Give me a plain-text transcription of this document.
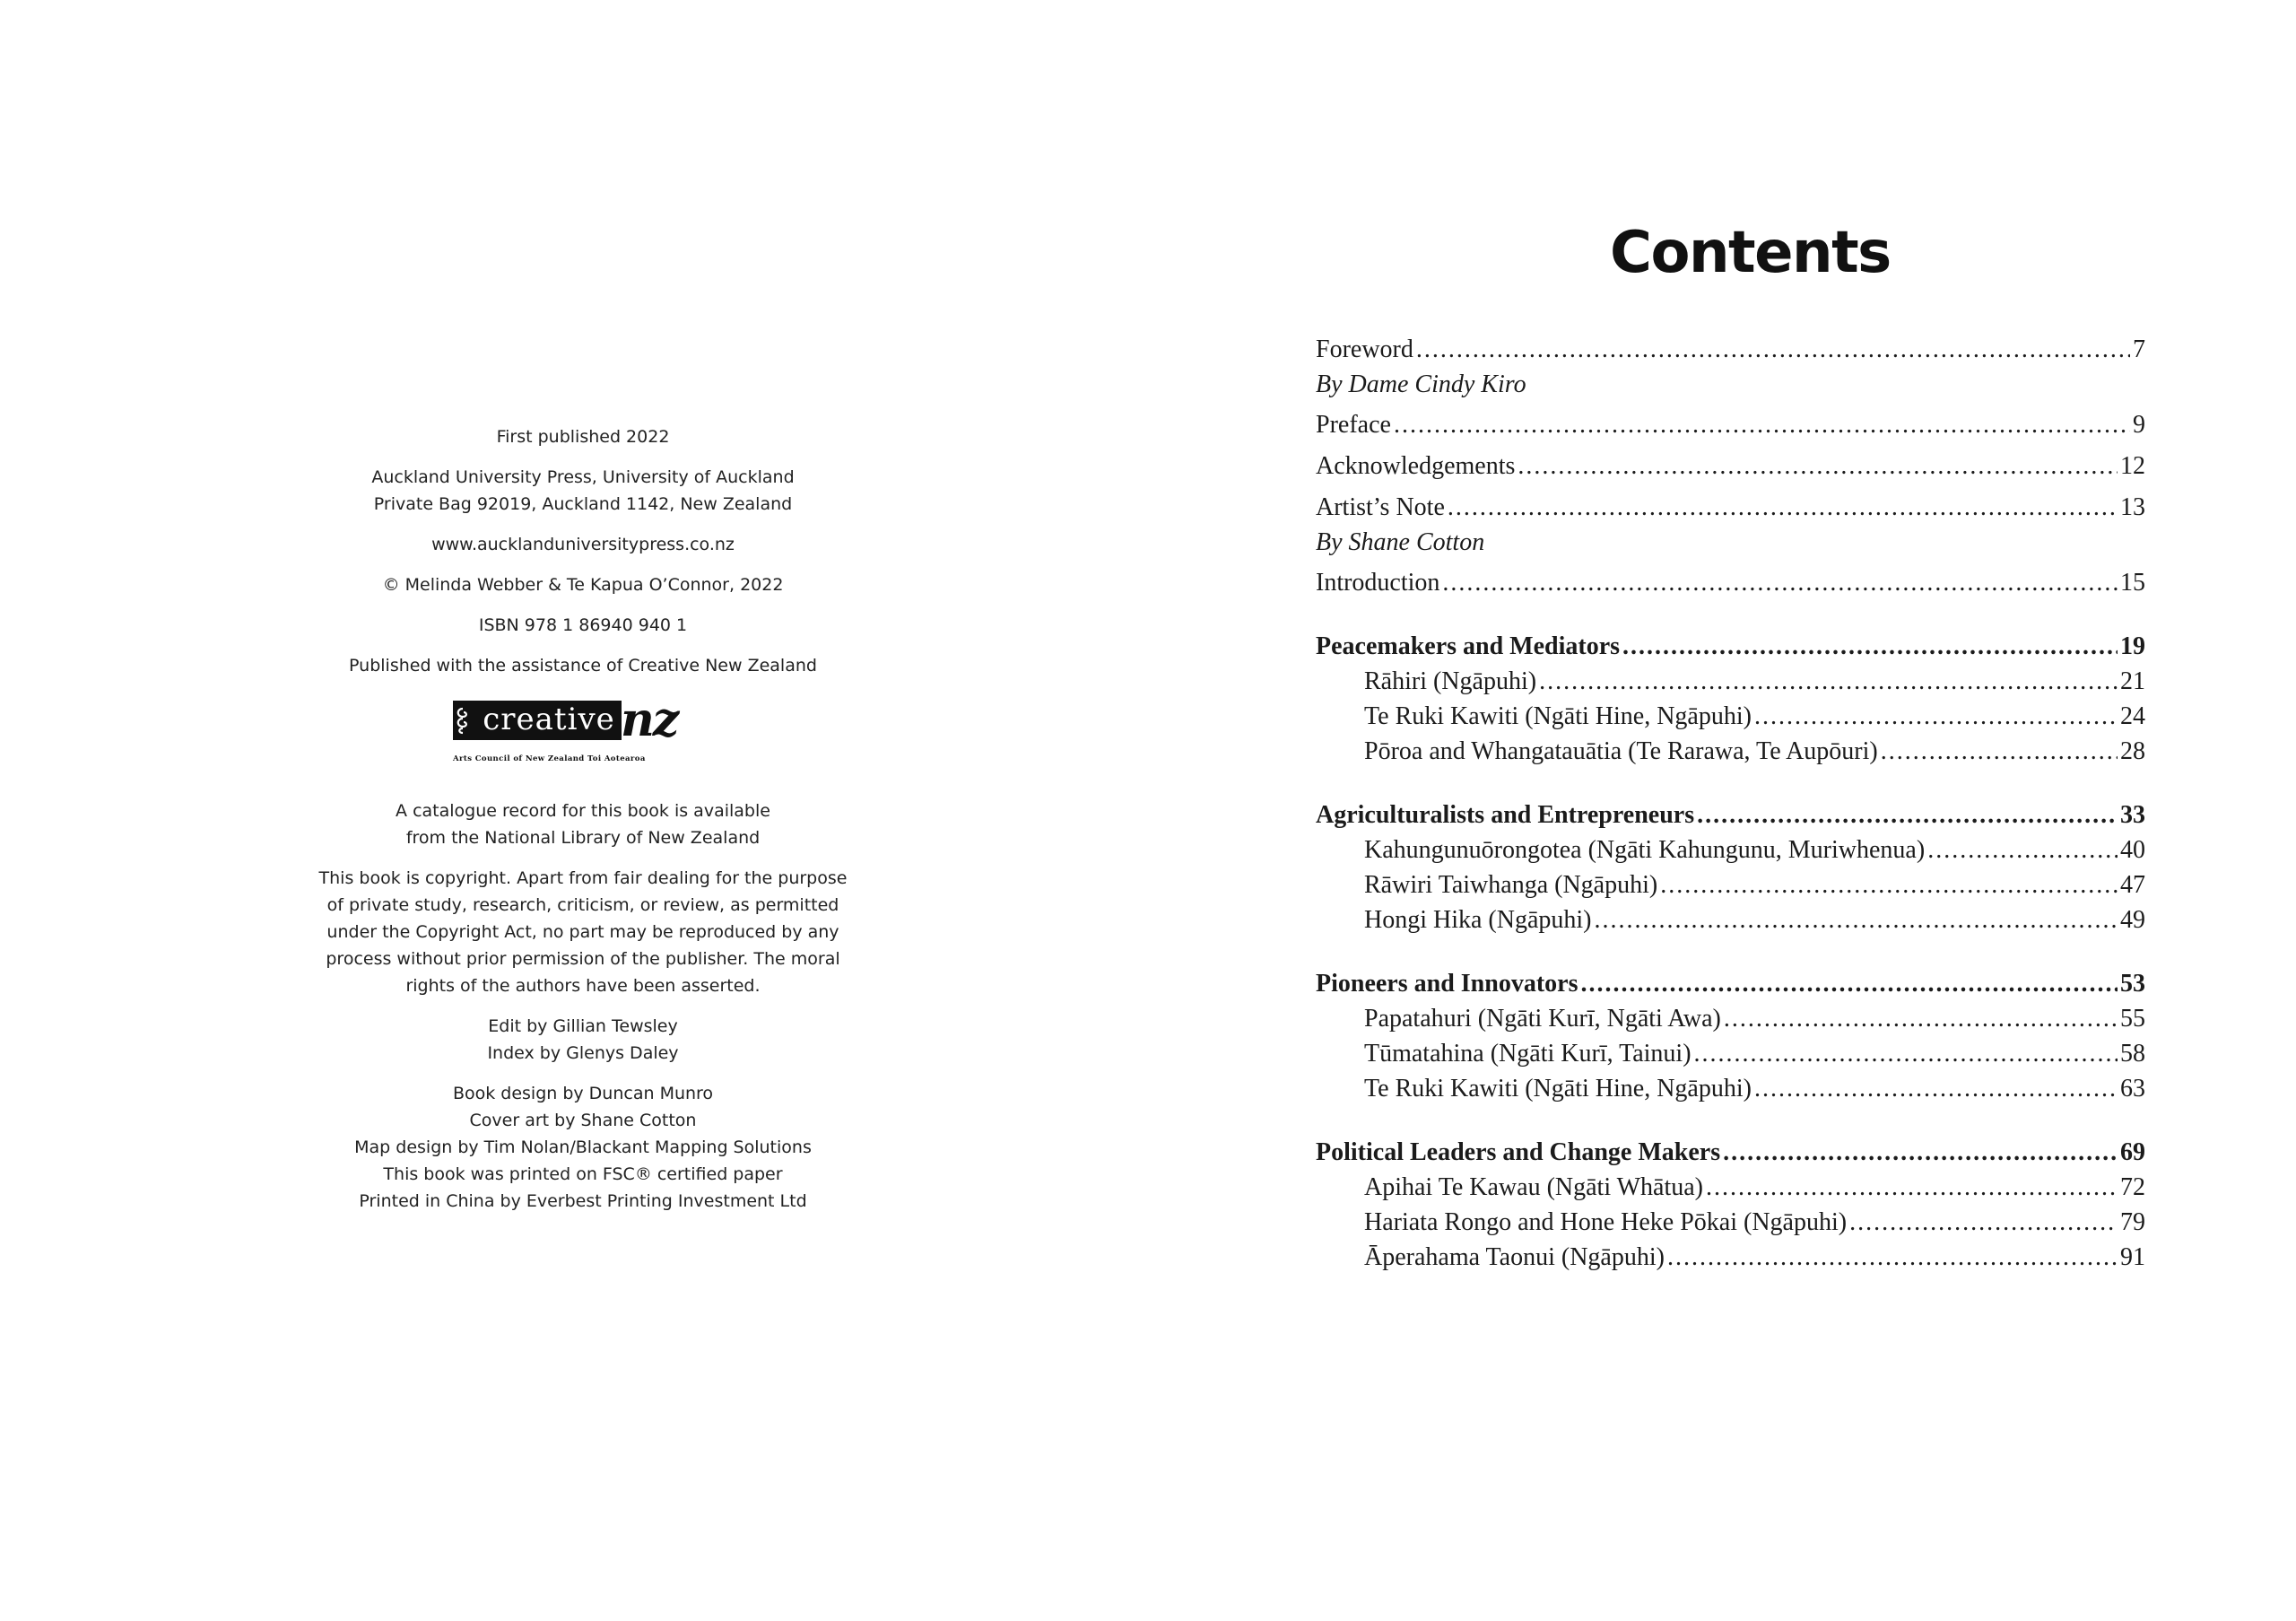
First published 2022
Auckland University Press, University of Auckland
Private Bag 92019, Auckland 1142, New Zealand
www.aucklanduniversitypress.co.nz
© Melinda Webber & Te Kapua O’Connor, 2022
ISBN 978 1 86940 940 1
Published with the assistance of Creative New Zealand
creative nz
Arts Council of New Zealand Toi Aotearoa
A catalogue record for this book is available
from the National Library of New Zealand
This book is copyright. Apart from fair dealing for the purpose
of private study, research, criticism, or review, as permitted
under the Copyright Act, no part may be reproduced by any
process without prior permission of the publisher. The moral
rights of the authors have been asserted.
Edit by Gillian Tewsley
Index by Glenys Daley
Book design by Duncan Munro
Cover art by Shane Cotton
Map design by Tim Nolan/Blackant Mapping Solutions
This book was printed on FSC® certified paper
Printed in China by Everbest Printing Investment Ltd
Contents
Foreword .....	7
By Dame Cindy Kiro
Preface .....	9
Acknowledgements .....	12
Artist’s Note .....	13
By Shane Cotton
Introduction .....	15
Peacemakers and Mediators .....	19
Rāhiri (Ngāpuhi) .....	21
Te Ruki Kawiti (Ngāti Hine, Ngāpuhi) .....	24
Pōroa and Whangatauātia (Te Rarawa, Te Aupōuri) .....	28
Agriculturalists and Entrepreneurs .....	33
Kahungunuōrongotea (Ngāti Kahungunu, Muriwhenua) .....	40
Rāwiri Taiwhanga (Ngāpuhi) .....	47
Hongi Hika (Ngāpuhi) .....	49
Pioneers and Innovators .....	53
Papatahuri (Ngāti Kurī, Ngāti Awa) .....	55
Tūmatahina (Ngāti Kurī, Tainui) .....	58
Te Ruki Kawiti (Ngāti Hine, Ngāpuhi) .....	63
Political Leaders and Change Makers .....	69
Apihai Te Kawau (Ngāti Whātua) .....	72
Hariata Rongo and Hone Heke Pōkai (Ngāpuhi) .....	79
Āperahama Taonui (Ngāpuhi) .....	91
